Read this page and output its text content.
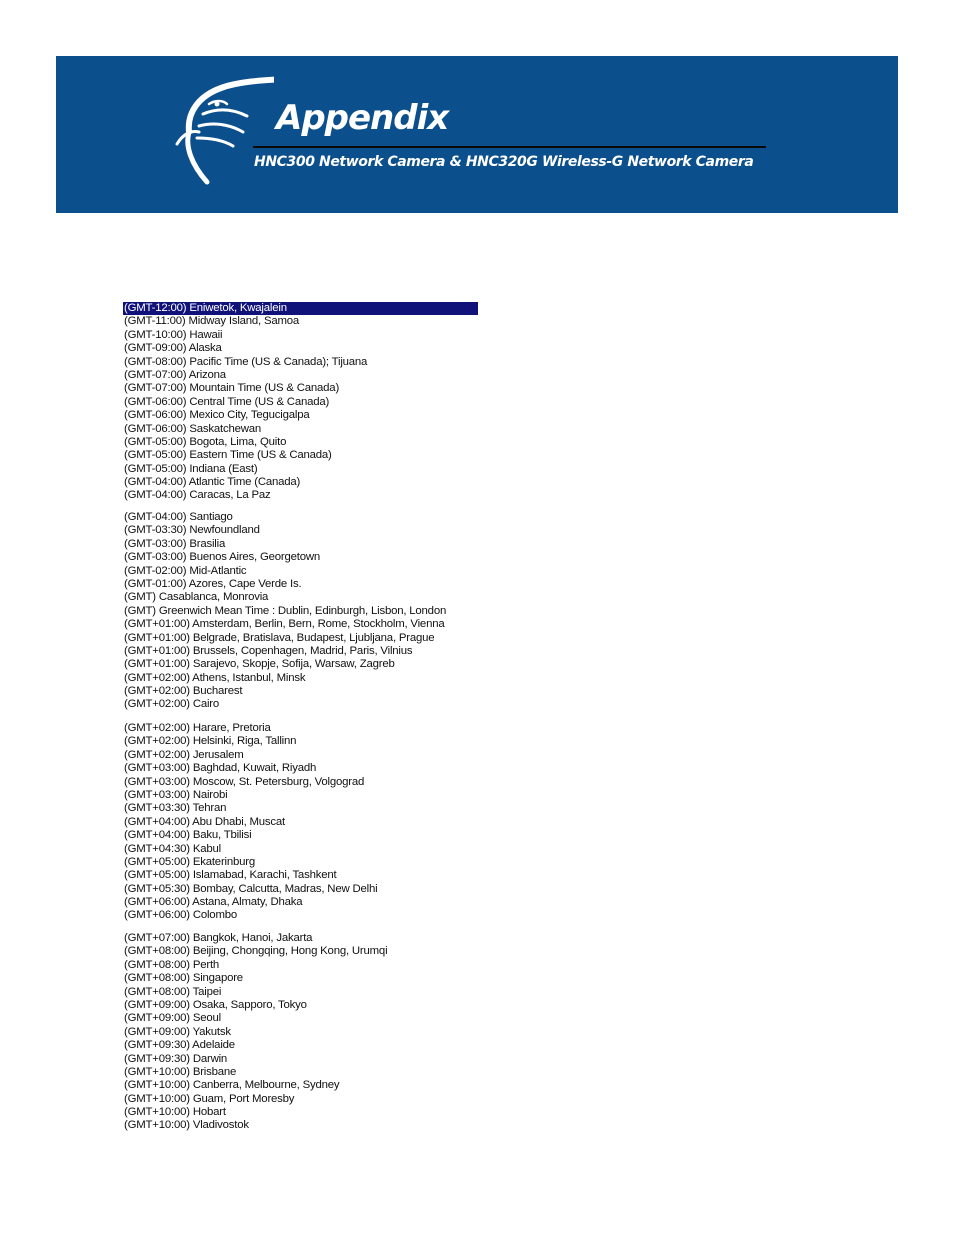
Appendix
HNC300 Network Camera & HNC320G Wireless-G Network Camera
(GMT-12:00) Eniwetok, Kwajalein
(GMT-11:00) Midway Island, Samoa
(GMT-10:00) Hawaii
(GMT-09:00) Alaska
(GMT-08:00) Pacific Time (US & Canada); Tijuana
(GMT-07:00) Arizona
(GMT-07:00) Mountain Time (US & Canada)
(GMT-06:00) Central Time (US & Canada)
(GMT-06:00) Mexico City, Tegucigalpa
(GMT-06:00) Saskatchewan
(GMT-05:00) Bogota, Lima, Quito
(GMT-05:00) Eastern Time (US & Canada)
(GMT-05:00) Indiana (East)
(GMT-04:00) Atlantic Time (Canada)
(GMT-04:00) Caracas, La Paz
(GMT-04:00) Santiago
(GMT-03:30) Newfoundland
(GMT-03:00) Brasilia
(GMT-03:00) Buenos Aires, Georgetown
(GMT-02:00) Mid-Atlantic
(GMT-01:00) Azores, Cape Verde Is.
(GMT) Casablanca, Monrovia
(GMT) Greenwich Mean Time : Dublin, Edinburgh, Lisbon, London
(GMT+01:00) Amsterdam, Berlin, Bern, Rome, Stockholm, Vienna
(GMT+01:00) Belgrade, Bratislava, Budapest, Ljubljana, Prague
(GMT+01:00) Brussels, Copenhagen, Madrid, Paris, Vilnius
(GMT+01:00) Sarajevo, Skopje, Sofija, Warsaw, Zagreb
(GMT+02:00) Athens, Istanbul, Minsk
(GMT+02:00) Bucharest
(GMT+02:00) Cairo
(GMT+02:00) Harare, Pretoria
(GMT+02:00) Helsinki, Riga, Tallinn
(GMT+02:00) Jerusalem
(GMT+03:00) Baghdad, Kuwait, Riyadh
(GMT+03:00) Moscow, St. Petersburg, Volgograd
(GMT+03:00) Nairobi
(GMT+03:30) Tehran
(GMT+04:00) Abu Dhabi, Muscat
(GMT+04:00) Baku, Tbilisi
(GMT+04:30) Kabul
(GMT+05:00) Ekaterinburg
(GMT+05:00) Islamabad, Karachi, Tashkent
(GMT+05:30) Bombay, Calcutta, Madras, New Delhi
(GMT+06:00) Astana, Almaty, Dhaka
(GMT+06:00) Colombo
(GMT+07:00) Bangkok, Hanoi, Jakarta
(GMT+08:00) Beijing, Chongqing, Hong Kong, Urumqi
(GMT+08:00) Perth
(GMT+08:00) Singapore
(GMT+08:00) Taipei
(GMT+09:00) Osaka, Sapporo, Tokyo
(GMT+09:00) Seoul
(GMT+09:00) Yakutsk
(GMT+09:30) Adelaide
(GMT+09:30) Darwin
(GMT+10:00) Brisbane
(GMT+10:00) Canberra, Melbourne, Sydney
(GMT+10:00) Guam, Port Moresby
(GMT+10:00) Hobart
(GMT+10:00) Vladivostok
